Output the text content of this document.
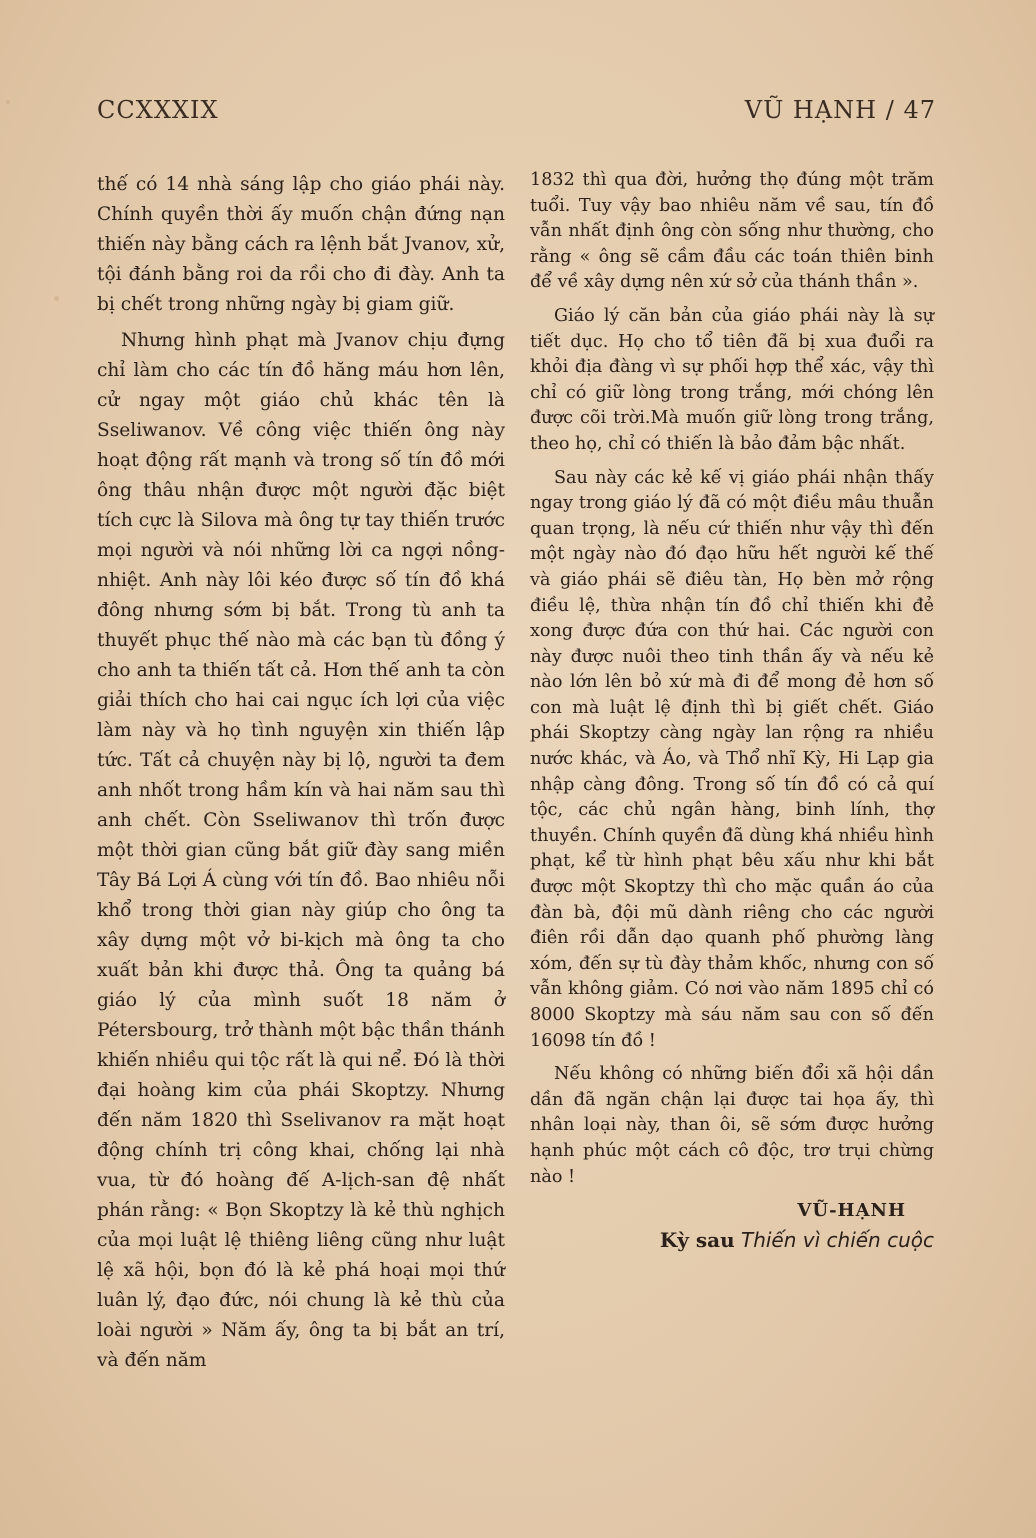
CCXXXIX	VŨ HẠNH / 47

thế có 14 nhà sáng lập cho giáo phái này. Chính quyền thời ấy muốn chận đứng nạn thiến này bằng cách ra lệnh bắt Jvanov, xử, tội đánh bằng roi da rồi cho đi đày. Anh ta bị chết trong những ngày bị giam giữ.

Nhưng hình phạt mà Jvanov chịu đựng chỉ làm cho các tín đồ hăng máu hơn lên, cử ngay một giáo chủ khác tên là Sseliwanov. Về công việc thiến ông này hoạt động rất mạnh và trong số tín đồ mới ông thâu nhận được một người đặc biệt tích cực là Silova mà ông tự tay thiến trước mọi người và nói những lời ca ngợi nồng-nhiệt. Anh này lôi kéo được số tín đồ khá đông nhưng sớm bị bắt. Trong tù anh ta thuyết phục thế nào mà các bạn tù đồng ý cho anh ta thiến tất cả. Hơn thế anh ta còn giải thích cho hai cai ngục ích lợi của việc làm này và họ tình nguyện xin thiến lập tức. Tất cả chuyện này bị lộ, người ta đem anh nhốt trong hầm kín và hai năm sau thì anh chết. Còn Sseliwanov thì trốn được một thời gian cũng bắt giữ đày sang miền Tây Bá Lợi Á cùng với tín đồ. Bao nhiêu nỗi khổ trong thời gian này giúp cho ông ta xây dựng một vở bi-kịch mà ông ta cho xuất bản khi được thả. Ông ta quảng bá giáo lý của mình suốt 18 năm ở Pétersbourg, trở thành một bậc thần thánh khiến nhiều qui tộc rất là qui nể. Đó là thời đại hoàng kim của phái Skoptzy. Nhưng đến năm 1820 thì Sselivanov ra mặt hoạt động chính trị công khai, chống lại nhà vua, từ đó hoàng đế A-lịch-san đệ nhất phán rằng: « Bọn Skoptzy là kẻ thù nghịch của mọi luật lệ thiêng liêng cũng như luật lệ xã hội, bọn đó là kẻ phá hoại mọi thứ luân lý, đạo đức, nói chung là kẻ thù của loài người » Năm ấy, ông ta bị bắt an trí, và đến năm

1832 thì qua đời, hưởng thọ đúng một trăm tuổi. Tuy vậy bao nhiêu năm về sau, tín đồ vẫn nhất định ông còn sống như thường, cho rằng « ông sẽ cầm đầu các toán thiên binh để về xây dựng nên xứ sở của thánh thần ».

Giáo lý căn bản của giáo phái này là sự tiết dục. Họ cho tổ tiên đã bị xua đuổi ra khỏi địa đàng vì sự phối hợp thể xác, vậy thì chỉ có giữ lòng trong trắng, mới chóng lên được cõi trời.Mà muốn giữ lòng trong trắng, theo họ, chỉ có thiến là bảo đảm bậc nhất.

Sau này các kẻ kế vị giáo phái nhận thấy ngay trong giáo lý đã có một điều mâu thuẫn quan trọng, là nếu cứ thiến như vậy thì đến một ngày nào đó đạo hữu hết người kế thế và giáo phái sẽ điêu tàn, Họ bèn mở rộng điều lệ, thừa nhận tín đồ chỉ thiến khi đẻ xong được đứa con thứ hai. Các người con này được nuôi theo tinh thần ấy và nếu kẻ nào lớn lên bỏ xứ mà đi để mong đẻ hơn số con mà luật lệ định thì bị giết chết. Giáo phái Skoptzy càng ngày lan rộng ra nhiều nước khác, và Áo, và Thổ nhĩ Kỳ, Hi Lạp gia nhập càng đông. Trong số tín đồ có cả quí tộc, các chủ ngân hàng, binh lính, thợ thuyền. Chính quyền đã dùng khá nhiều hình phạt, kể từ hình phạt bêu xấu như khi bắt được một Skoptzy thì cho mặc quần áo của đàn bà, đội mũ dành riêng cho các người điên rồi dẫn dạo quanh phố phường làng xóm, đến sự tù đày thảm khốc, nhưng con số vẫn không giảm. Có nơi vào năm 1895 chỉ có 8000 Skoptzy mà sáu năm sau con số đến 16098 tín đồ !

Nếu không có những biến đổi xã hội dần dần đã ngăn chận lại được tai họa ấy, thì nhân loại này, than ôi, sẽ sớm được hưởng hạnh phúc một cách cô độc, trơ trụi chừng nào !

VŨ-HẠNH
Kỳ sau Thiến vì chiến cuộc
